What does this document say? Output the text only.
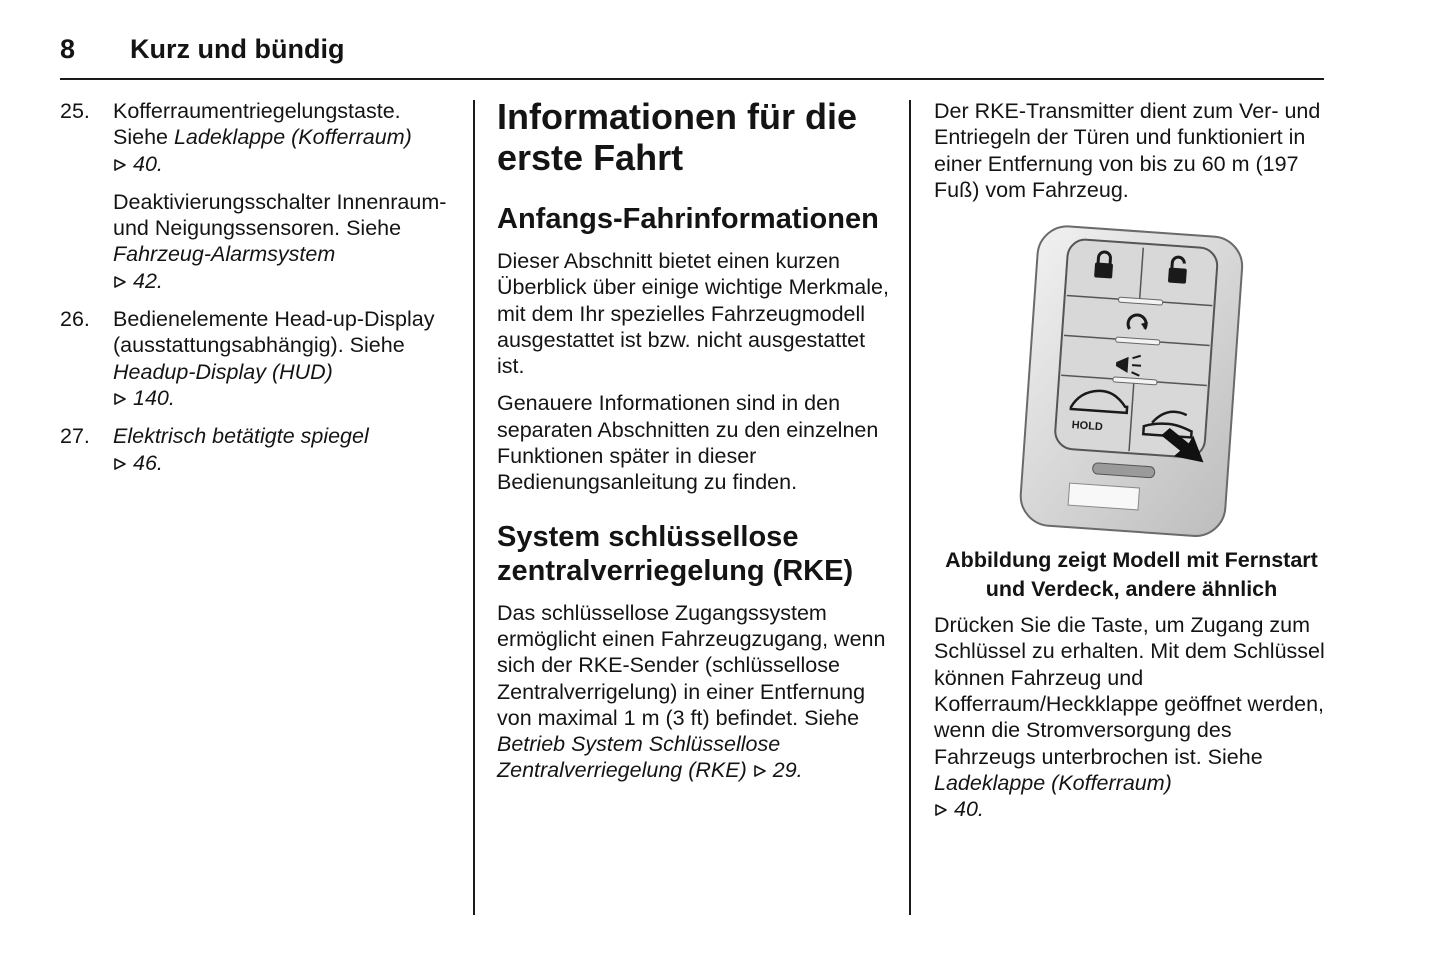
8 Kurz und bündig
25. Kofferraumentriegelungstaste. Siehe Ladeklappe (Kofferraum)
40.

Deaktivierungsschalter Innenraum- und Neigungssensoren. Siehe Fahrzeug-Alarmsystem
42.

26. Bedienelemente Head-up-Display (ausstattungsabhängig). Siehe Headup-Display (HUD)
140.

27. Elektrisch betätigte spiegel
46.

Informationen für die erste Fahrt
Anfangs-Fahrinformationen

Dieser Abschnitt bietet einen kurzen Überblick über einige wichtige Merkmale, mit dem Ihr spezielles Fahrzeugmodell ausgestattet ist bzw. nicht ausgestattet ist.

Genauere Informationen sind in den separaten Abschnitten zu den einzelnen Funktionen später in dieser Bedienungsanleitung zu finden.

System schlüssellose zentralverriegelung (RKE)

Das schlüssellose Zugangssystem ermöglicht einen Fahrzeugzugang, wenn sich der RKE-Sender (schlüssellose Zentralverrigelung) in einer Entfernung von maximal 1 m (3 ft) befindet. Siehe Betrieb System Schlüssellose Zentralverriegelung (RKE) 29.

Der RKE-Transmitter dient zum Ver- und Entriegeln der Türen und funktioniert in einer Entfernung von bis zu 60 m (197 Fuß) vom Fahrzeug.

HOLD
Abbildung zeigt Modell mit Fernstart und Verdeck, andere ähnlich

Drücken Sie die Taste, um Zugang zum Schlüssel zu erhalten. Mit dem Schlüssel können Fahrzeug und Kofferraum/Heckklappe geöffnet werden, wenn die Stromversorgung des Fahrzeugs unterbrochen ist. Siehe Ladeklappe (Kofferraum)
40.
